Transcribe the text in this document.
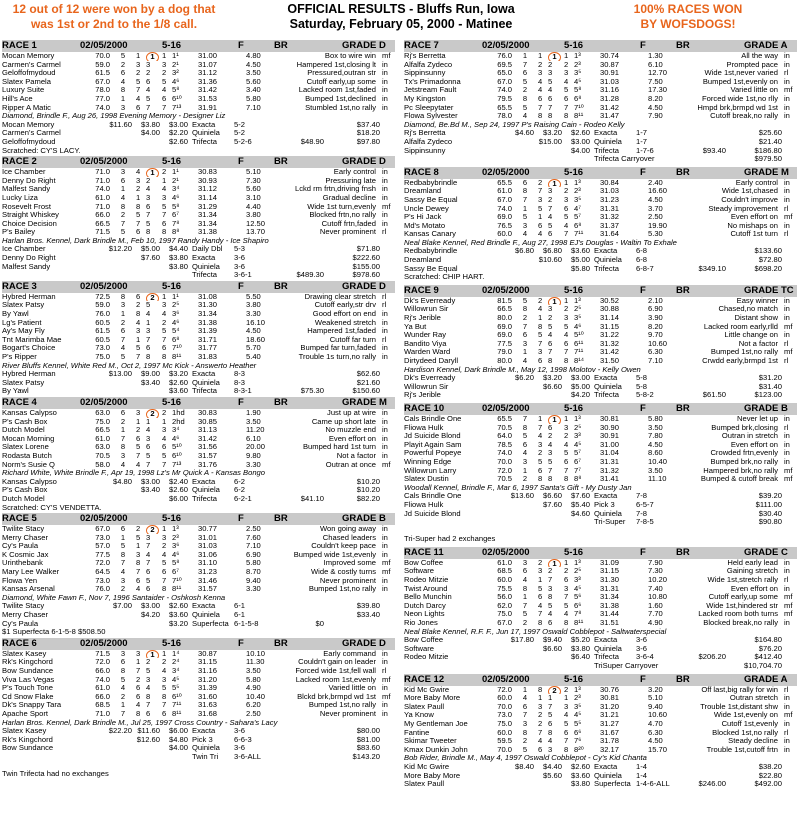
12 out of 12 were won by a dog that
was 1st or 2nd to the 1/8 call.
OFFICIAL RESULTS - Bluffs Run, Iowa
Saturday, February 05, 2000 - Matinee
100% RACES WON
BY WOFSDOGS!
RACE 1	02/05/2000	5-16	F	BR	GRADE D
Mocan Memory	70.0	5	1	1 1 1¹	31.00	4.80	Box to wire win mf
Carmen's Carmel	59.0	2	3 3 3 2¹	31.07	4.50	Hampered 1st,closing lt in
Geloffofmydoud	61.5	6	2 2 2 3²	31.12	3.50	Pressured,outran str in
Slatex Pamela	67.0	4	5 6 5 4⁶ 31.36	5.60	Cutoff early,up some in
Luxury Suite	78.0	8	7 4 4 5⁸ 31.42	3.40	Lacked room 1st,faded in
Hill's Ace	77.0	1	4 5 6 6¹⁰ 31.53	5.80	Bumped 1st,declined in
Ripper A Matic	74.0	3	6 7 7 7¹³ 31.91	7.10	Stumbled 1st,no rally in
Diamond, Brindle F., Aug 26, 1998 Evening Memory - Designer Liz
Mocan Memory	$11.60	$3.80	$3.00 Exacta 5-2	$37.40
Carmen's Carmel	$4.00	$2.20 Quiniela 5-2	$18.20
Geloffofmydoud	$2.60 Trifecta 5-2-6	$48.90	$97.80
Scratched: CY'S LACY.
RACE 2	02/05/2000	5-16	F	BR	GRADE D
Ice Chamber	71.0	3	4	1 2 1¹	30.83	5.10	Early control in
Denny Do Right	71.0	6	3 2 1 2¹	30.93	7.30	Pressuring late in
Malfest Sandy	74.0	1	2 4 4 3⁴ 31.12	5.60	Lckd rm frtn,driving fnsh in
Lucky Liza	61.0	4	1 3 3 4⁶ 31.14	3.10	Gradual decline in
Rosevelt Frost	71.0	8	8 6 5 5⁸ 31.29	4.40	Wide 1st turn,evenly mf
Straight Whiskey	66.0	2	5 7 7 6⁷	31.34	3.80	Blocked frtn,no rally in
Choice Decision	66.5	7	7 5 6 7⁸ 31.34	12.50	Cutoff frtn,faded in
P's Bailey	71.5	5	6 8 8 8⁸ 31.38	13.70	Never prominent rl
Harlan Bros. Kennel, Dark Brindle M., Feb 10, 1997 Randy Handy - Ice Shapiro
Ice Chamber	$12.20	$5.00	$4.40 Daily Dbl 5-3	$71.80
Denny Do Right	$7.60	$3.80 Exacta 3-6	$222.60
Malfest Sandy	$3.80 Quiniela 3-6	$155.00
Trifecta 3-6-1	$489.30	$978.60
RACE 3	02/05/2000	5-16	F	BR	GRADE D
Hybred Herman	72.5	8	6	2 1 1¹	31.08	5.50	Drawing clear stretch rl
Slatex Patsy	59.0	3	2 5 3 2⁵ 31.30	3.80	Cutoff early,str drv rl
By Yawl	76.0	1	8 4 4 3⁶ 31.34	3.30	Good effort on end in
Lg's Patient	60.5	2	4 1 2 4⁶ 31.38	16.10	Weakened stretch in
Ay's May Fly	61.5	6	3 3 5 5⁴ 31.39	4.50	Hampered 1st,faded in
Tnt Marimba Mae	60.5	7	1 7 7 6⁸ 31.71	18.60	Cutoff far turn rl
Bogart's Choice	73.0	4	5 6 6 7¹⁰ 31.77	5.70	Bumped far turn,faded in
P's Ripper	75.0	5	7 8 8 8¹¹ 31.83	5.40	Trouble 1s turn,no rally in
River Bluffs Kennel, White Red M., Oct 2, 1997 Mc Kick - Answerto Heather
Hybred Herman	$13.00	$9.00	$3.20 Exacta 8-3	$62.60
Slatex Patsy	$3.40	$2.60 Quiniela 8-3	$21.60
By Yawl	$3.60 Trifecta 8-3-1	$75.30	$150.60
RACE 4	02/05/2000	5-16	F	BR	GRADE M
Kansas Calypso	63.0	6	3	2 2 1hd 30.83	1.90	Just up at wire in
P's Cash Box	75.0	2	1 1 1 2hd 30.85	3.50	Came up short late in
Dutch Model	66.5	1	2 4 3 3⁴ 31.13	11.20	No muzzle end in
Mocan Morning	61.0	7	6 3 4 4⁶ 31.42	6.10	Even effort on in
Slatex Lorene	63.0	8	5 6 6 5¹⁰ 31.56	20.00	Bumped hard 1st turn in
Rodasta Butch	70.5	3	7 5 5 6¹⁰ 31.57	9.80	Not a factor in
Norm's Susie Q	58.0	4	4 7 7 7¹³ 31.76	3.30	Outran at once mf
Richard White, White Brindle F., Apr 19, 1998 Lz's Mr Quick A - Kansas Bongo
Kansas Calypso	$4.80	$3.00	$2.40 Exacta 6-2	$10.20
P's Cash Box	$3.40	$2.60 Quiniela 6-2	$10.20
Dutch Model	$6.00 Trifecta 6-2-1	$41.10	$82.20
Scratched: CY'S VENDETTA.
RACE 5	02/05/2000	5-16	F	BR	GRADE B
Twilite Stacy	67.0	6	2	2 1 1³	30.77	2.50	Won going away in
Merry Chaser	73.0	1	5 3 3 2³	31.01	7.60	Chased leaders in
Cy's Paula	57.0	5	1 7 2 3⁶ 31.03	7.10	Couldn't keep pace in
K Cosmic Jax	77.5	8	3 4 4 4⁶ 31.06	6.90	Bumped wide 1st,evenly in
Urinthebank	72.0	7	8 7 5 5⁸ 31.10	5.80	Improved some mf
Mary Lee Walker	64.5	4	7 6 6 6⁷	31.23	8.70	Wide & costly turns mf
Flowa Yen	73.0	3	6 5 7 7¹⁰ 31.46	9.40	Never prominent in
Kansas Arsenal	76.0	2	4 6 8 8¹¹ 31.57	3.30	Bumped 1st,no rally in
Diamond, White Fawn F., Nov 7, 1996 Santaider - Oshkosh Kenna
Twilite Stacy	$7.00	$3.00	$2.60 Exacta 6-1	$39.80
Merry Chaser	$4.20	$3.60 Quiniela 6-1	$33.40
Cy's Paula	$3.20 Superfecta 6-1-5-8	$0
$1 Superfecta 6-1-5-8 $508.50
RACE 6	02/05/2000	5-16	F	BR	GRADE D
Slatex Kasey	71.5	3	3	1 1 1⁴ 30.87	10.10	Early command in
Rk's Kingchord	72.0	6	1 2 2 2⁴ 31.15	11.30	Couldn't gain on leader in
Bow Sundance	66.0	8	7 5 4 3⁴ 31.16	3.50	Forced wide 1st,fell wall rl
Viva Las Vegas	74.0	5	2 3 3 4⁵ 31.20	5.80	Lacked room 1st,evenly mf
P's Touch Tone	61.0	4	6 4 5 5⁵ 31.39	4.90	Varied little on in
Cd Snow Flake	66.0	2	6 8 8 6¹⁰ 31.60	10.40	Blckd brk,brmpd wd 1st mf
Dk's Snappy Tara	68.5	1	4 7 7 7¹¹ 31.63	6.20	Bumped 1st,no rally in
Apache Sport	71.0	7	8 6 6 8¹¹ 31.68	2.50	Never prominent in
Harlan Bros. Kennel, Dark Brindle M., Jul 25, 1997 Cross Country - Sahara's Lacy
Slatex Kasey	$22.20 $11.60	$6.00 Exacta 3-6	$80.00
Rk's Kingchord	$12.60	$4.80 Pick 3	6-6-3	$81.00
Bow Sundance	$4.00 Quiniela 3-6	$83.60
Twin Tri 3-6-ALL	$143.20
Twin Trifecta had no exchanges
RACE 7	02/05/2000	5-16	F	BR	GRADE A
Rj's Berretta	76.0	1	1	1 1 1³	30.74	1.30	All the way in
Alfalfa Zydeco	69.5	7	2 2 2 2³	30.87	6.10	Prompted pace in
Sippinsunny	65.0	6	3 3 3 3⁵ 30.91	12.70	Wide 1st,never varied rl
Tx's Primadonna	67.0	5	4 5 4 4⁵ 31.03	7.50	Bumped 1st,evenly on in
Jetstream Fault	74.0	2	4 4 5 5⁸ 31.16	17.30	Varied little on mf
My Kingston	79.5	8	6 6 6 6⁸ 31.28	8.20	Forced wide 1st,no rlly in
Pc Sleepytater	65.5	5	7 7 7 7¹⁰ 31.42	4.50	Hmpd brk,brmpd wd 1st in
Flowa Sylvester	78.0	4	8 8 8 8¹¹ 31.47	7.90	Cutoff break,no rally in
Diamond, Be.Bd M., Sep 24, 1997 P's Raising Cain - Rodeo Kelly
Rj's Berretta	$4.60	$3.20	$2.60 Exacta 1-7	$25.60
Alfalfa Zydeco	$15.00	$3.00 Quiniela 1-7	$21.40
Sippinsunny	$4.00 Trifecta 1-7-6	$93.40	$186.80
Trifecta Carryover	$979.50
RACE 8	02/05/2000	5-16	F	BR	GRADE M
Redbabybrindle	65.5	6	2	1 1 1³	30.84	2.40	Early control in
Dreamland	61.0	8	7 3 2 2³	31.03	16.60	Wide 1st,chased in
Sassy Be Equal	67.0	7	3 2 3 3⁵ 31.23	4.50	Couldn't improve in
Uncle Dewey	74.0	1	5 7 6 4⁷	31.31	3.70	Steady improvement rl
P's Hi Jack	69.0	5	1 4 5 5⁷	31.32	2.50	Even effort on mf
Md's Motato	76.5	3	6 5 4 6⁸ 31.37	19.90	No mishaps on in
Kansas Canary	60.0	4	4 6 7 7¹¹ 31.64	5.30	Cutoff 1st turn rl
Neal Blake Kennel, Red Brindle F., Aug 27, 1998 EJ's Douglas - Waltin To Exhale
Redbabybrindle	$6.80	$6.80	$3.60 Exacta 6-8	$133.60
Dreamland	$10.60	$5.00 Quiniela 6-8	$72.80
Sassy Be Equal	$5.80 Trifecta 6-8-7	$349.10	$698.20
Scratched: CHIP HART.
RACE 9	02/05/2000	5-16	F	BR	GRADE TC
Dk's Everready	81.5	5	2	1 1 1³	30.52	2.10	Easy winner in
Willowrun Sir	66.5	8	4 3 2 2⁵ 30.88	6.90	Chased,no match in
Rj's Jerible	80.0	2	1 2 3 3⁵ 31.14	3.90	Distant show in
Ya But	69.0	7	8 5 5 4⁶ 31.15	8.20	Lacked room early,rlld mf
Wunder Ray	69.0	6	5 4 4 5¹⁰ 31.22	9.70	Little change on in
Bandito Viya	77.5	3	7 6 6 6¹¹ 31.32	10.60	Not a factor rl
Warden Ward	79.0	1	3 7 7 7¹¹ 31.42	6.30	Bumped 1st,no rally mf
Dirtydeed Daryll	80.0	4	6 8 8 8¹⁴ 31.50	7.10	Crwdd early,brmpd 1st rl
Hardison Kennel, Dark Brindle M., May 12, 1998 Molotov - Kelly Owen
Dk's Everready	$6.20	$3.20	$3.00 Exacta 5-8	$31.20
Willowrun Sir	$6.60	$5.00 Quiniela 5-8	$31.40
Rj's Jerible	$4.20 Trifecta 5-8-2	$61.50	$123.00
RACE 10	02/05/2000	5-16	F	BR	GRADE B
Cals Brindle One	65.5	7	1	1 1 1³	30.81	5.80	Never let up in
Fliowa Hulk	70.5	8	7 6 3 2⁵ 30.90	3.50	Bumped brk,closing rl
Jd Suicide Blond	64.0	5	4 2 2 3³	30.91	7.80	Outran in stretch in
Playit Again Sam	78.5	6	3 4 4 4⁵ 31.00	4.50	Even effort on in
Powerful Popeye	74.0	4	2 3 5 5⁷	31.04	8.60	Crowded frtn,evenly in
Winning Edge	70.0	3	5 5 6 6⁷	31.31	10.40	Bumped brk,no rally in
Willowrun Larry	72.0	1	6 7 7 7⁷	31.32	3.50	Hampered brk,no rally mf
Slatex Dustin	70.5	2	8 8 8 8⁸ 31.41	11.10	Bumped & cutoff break mf
Woodall Kennel, Brindle F., Mar 6, 1997 Santa's Gift - My Dusty Jan
Cals Brindle One	$13.60	$6.60	$7.60 Exacta 7-8	$39.20
Fliowa Hulk	$7.60	$5.40 Pick 3	6-5-7	$111.00
Jd Suicide Blond	$4.60 Quiniela 7-8	$30.40
Tri-Super 7-8-5	$90.80
Tri-Super had 2 exchanges
RACE 11	02/05/2000	5-16	F	BR	GRADE C
Bow Coffee	61.0	3	2	1 1 1³	31.09	7.90	Held early lead in
Software	68.5	6	3 2 2 2⁵ 31.15	7.30	Gaining stretch in
Rodeo Mitzie	60.0	4	1 7 6 3³	31.30	10.20	Wide 1st,stretch rally rl
Twist Around	75.5	8	5 3 3 4⁵ 31.31	7.40	Even effort on in
Bello Munchin	56.0	1	6 8 7 5⁶ 31.34	10.80	Cutoff early,up some mf
Dutch Darcy	62.0	7	4 5 5 6⁶ 31.38	1.60	Wide 1st,hindered str mf
Neon Lights	75.0	5	7 4 4 7⁸ 31.44	7.70	Lacked room both turns mf
Rio Jones	67.0	2	8 6 8 8¹¹ 31.51	4.90	Blocked break,no rally in
Neal Blake Kennel, R.F. F., Jun 17, 1997 Oswald Cobblepot - Saltwaterspecial
Bow Coffee	$17.80	$9.40	$5.20 Exacta 3-6	$164.80
Software	$6.60	$3.80 Quiniela 3-6	$76.20
Rodeo Mitzie	$6.40 Trifecta 3-6-4	$206.20	$412.40
TriSuper Carryover	$10,704.70
RACE 12	02/05/2000	5-16	F	BR	GRADE A
Kid Mc Gwire	72.0	1	8	2 2 1³	30.76	3.20	Off last,big rally for win rl
More Baby More	60.0	4	1 1 1 2³	30.81	5.10	Outran stretch in
Slatex Paull	70.0	6	3 7 3 3⁵ 31.20	9.40	Trouble 1st,distant shw in
Ya Know	73.0	7	2 5 4 4⁵ 31.21	10.60	Wide 1st,evenly on mf
My Gentleman Joe	75.0	3	2 6 5 5⁵ 31.27	4.70	Cutoff 1st,evenly in
Fantine	60.0	8	7 8 6 6⁶ 31.67	6.30	Blocked 1st,no rally rl
Skimar Tweeter	59.5	2	4 4 7 7⁶ 31.78	4.50	Steady decline in
Kmax Dunkin John	70.0	5	6 3 8 8²⁰ 32.17	15.70	Trouble 1st,cutoff frtn in
Bob Rider, Brindle M., May 4, 1997 Oswald Cobblepot - Cy's Kid Chanta
Kid Mc Gwire	$8.40	$4.40	$2.60 Exacta 1-4	$38.20
More Baby More	$5.60	$3.60 Quiniela 1-4	$22.80
Slatex Paull	$3.80 Superfecta 1-4-6-ALL	$246.00	$492.00
